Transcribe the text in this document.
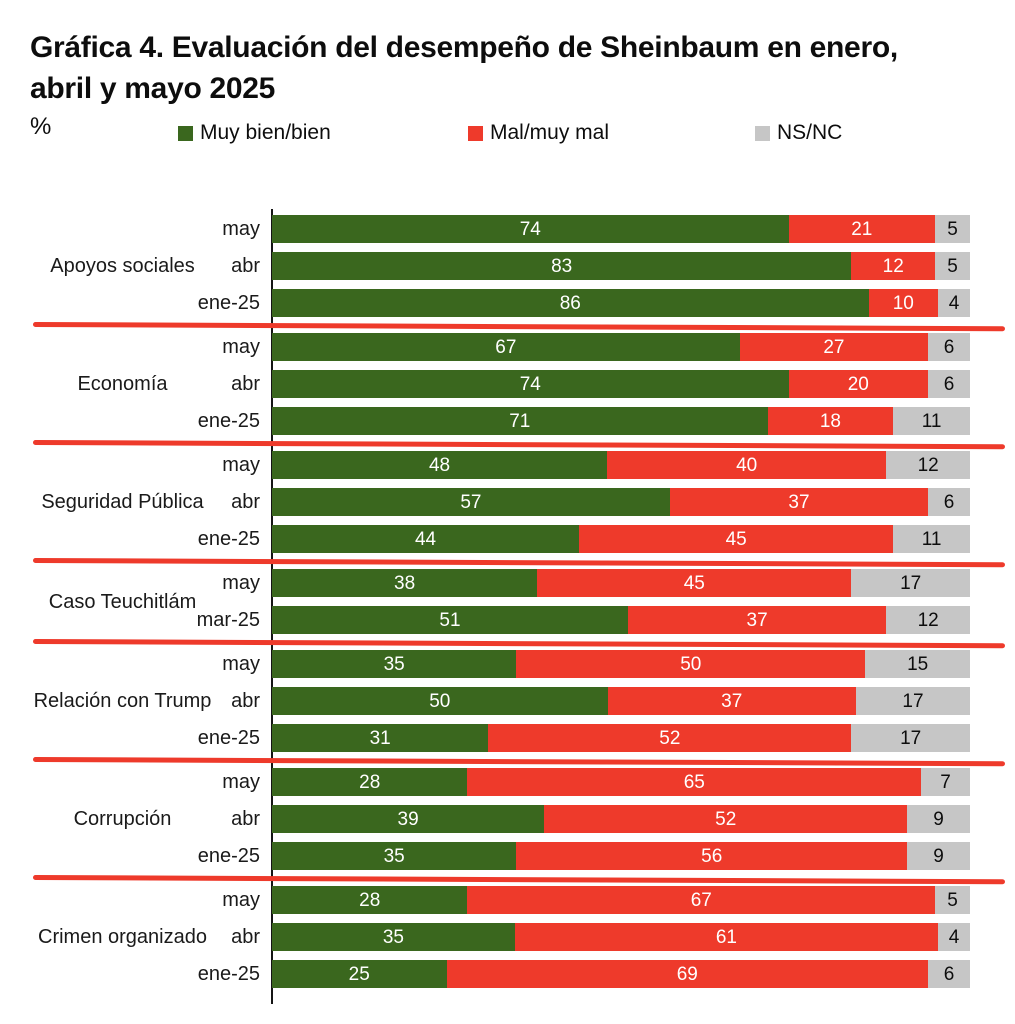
Gráfica 4. Evaluación del desempeño de Sheinbaum en enero, abril y mayo 2025
%	Muy bien/bien	Mal/muy mal	NS/NC
Apoyos sociales
may	74	21	5
abr	83	12 5
ene-25	86	10 4
Economía
may	67	27	6
abr	74	20	6
ene-25	71	18	11
Seguridad Pública
may	48	40	12
abr	57	37	6
ene-25	44	45	11
Caso Teuchitlám
may	38	45	17
mar-25	51	37	12
Relación con Trump
may	35	50	15
abr	50	37	17
ene-25	31	52	17
Corrupción
may	28	65	7
abr	39	52	9
ene-25	35	56	9
Crimen organizado
may	28	67	5
abr	35	61	4
ene-25	25	69	6
